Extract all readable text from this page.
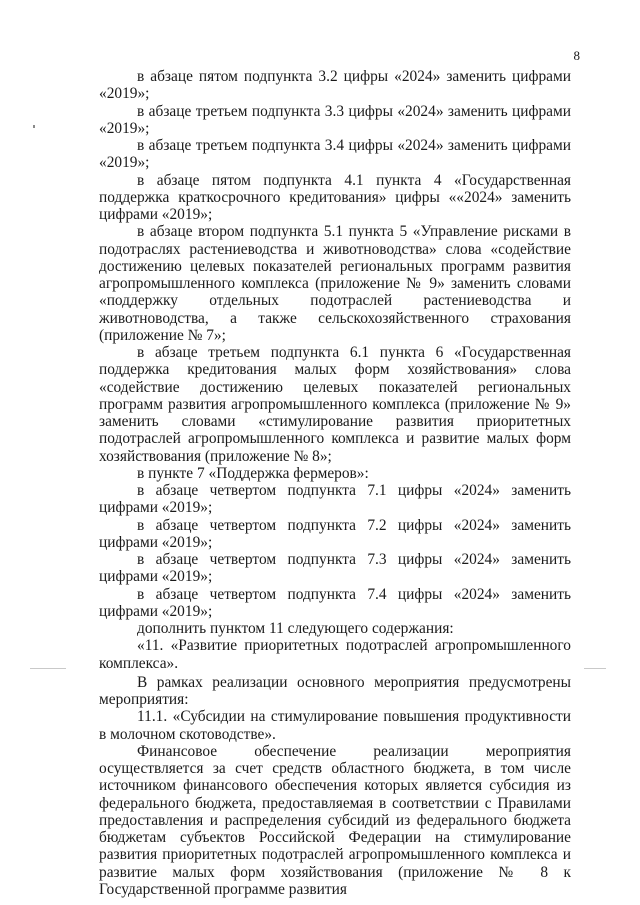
8

в абзаце пятом подпункта 3.2 цифры «2024» заменить цифрами «2019»;

в абзаце третьем подпункта 3.3 цифры «2024» заменить цифрами «2019»;

в абзаце третьем подпункта 3.4 цифры «2024» заменить цифрами «2019»;

в абзаце пятом подпункта 4.1 пункта 4 «Государственная поддержка краткосрочного кредитования» цифры ««2024» заменить цифрами «2019»;

в абзаце втором подпункта 5.1 пункта 5 «Управление рисками в подотраслях растениеводства и животноводства» слова «содействие достижению целевых показателей региональных программ развития агропромышленного комплекса (приложение № 9» заменить словами «поддержку отдельных подотраслей растениеводства и животноводства, а также сельскохозяйственного страхования (приложение № 7»;

в абзаце третьем подпункта 6.1 пункта 6 «Государственная поддержка кредитования малых форм хозяйствования» слова «содействие достижению целевых показателей региональных программ развития агропромышленного комплекса (приложение № 9» заменить словами «стимулирование развития приоритетных подотраслей агропромышленного комплекса и развитие малых форм хозяйствования (приложение № 8»;

в пункте 7 «Поддержка фермеров»:

в абзаце четвертом подпункта 7.1 цифры «2024» заменить цифрами «2019»;

в абзаце четвертом подпункта 7.2 цифры «2024» заменить цифрами «2019»;

в абзаце четвертом подпункта 7.3 цифры «2024» заменить цифрами «2019»;

в абзаце четвертом подпункта 7.4 цифры «2024» заменить цифрами «2019»;

дополнить пунктом 11 следующего содержания:

«11. «Развитие приоритетных подотраслей агропромышленного комплекса».

В рамках реализации основного мероприятия предусмотрены мероприятия:

11.1. «Субсидии на стимулирование повышения продуктивности в молочном скотоводстве».

Финансовое обеспечение реализации мероприятия осуществляется за счет средств областного бюджета, в том числе источником финансового обеспечения которых является субсидия из федерального бюджета, предоставляемая в соответствии с Правилами предоставления и распределения субсидий из федерального бюджета бюджетам субъектов Российской Федерации на стимулирование развития приоритетных подотраслей агропромышленного комплекса и развитие малых форм хозяйствования (приложение № 8 к Государственной программе развития
